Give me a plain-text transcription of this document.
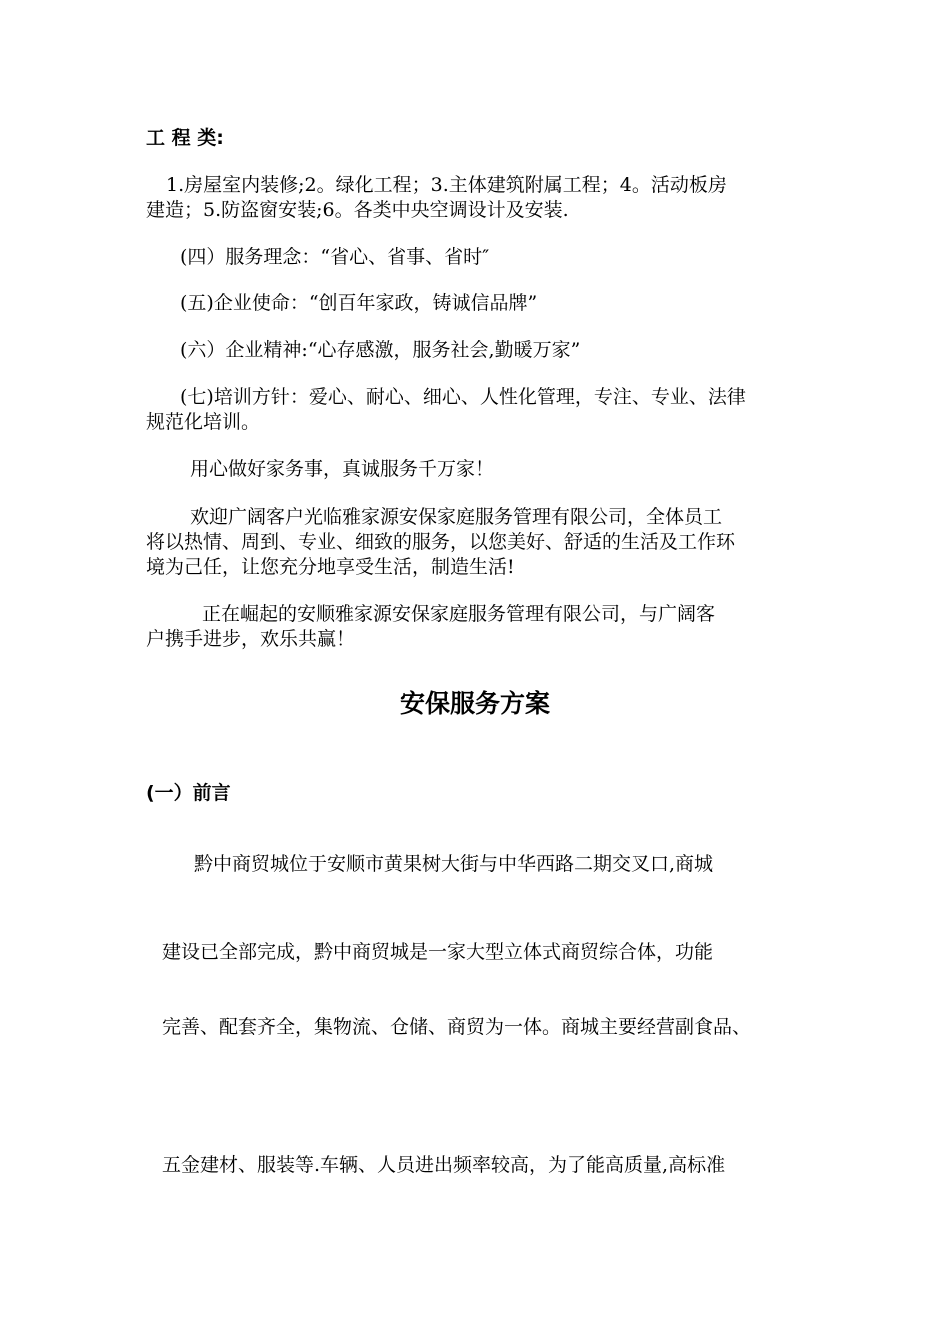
工 程 类:
1.房屋室内装修;2。绿化工程；3.主体建筑附属工程；4。活动板房
建造；5.防盗窗安装;6。各类中央空调设计及安装.
(四）服务理念：“省心、省事、省时″
(五)企业使命：“创百年家政，铸诚信品牌”
(六）企业精神:“心存感激，服务社会,勤暖万家”
(七)培训方针：爱心、耐心、细心、人性化管理，专注、专业、法律
规范化培训。
用心做好家务事，真诚服务千万家！
欢迎广阔客户光临雅家源安保家庭服务管理有限公司，全体员工
将以热情、周到、专业、细致的服务，以您美好、舒适的生活及工作环
境为己任，让您充分地享受生活，制造生活!
正在崛起的安顺雅家源安保家庭服务管理有限公司，与广阔客
户携手进步，欢乐共赢！
安保服务方案
(一）前言
黔中商贸城位于安顺市黄果树大街与中华西路二期交叉口,商城
建设已全部完成，黔中商贸城是一家大型立体式商贸综合体，功能
完善、配套齐全，集物流、仓储、商贸为一体。商城主要经营副食品、
五金建材、服装等.车辆、人员进出频率较高，为了能高质量,高标准
